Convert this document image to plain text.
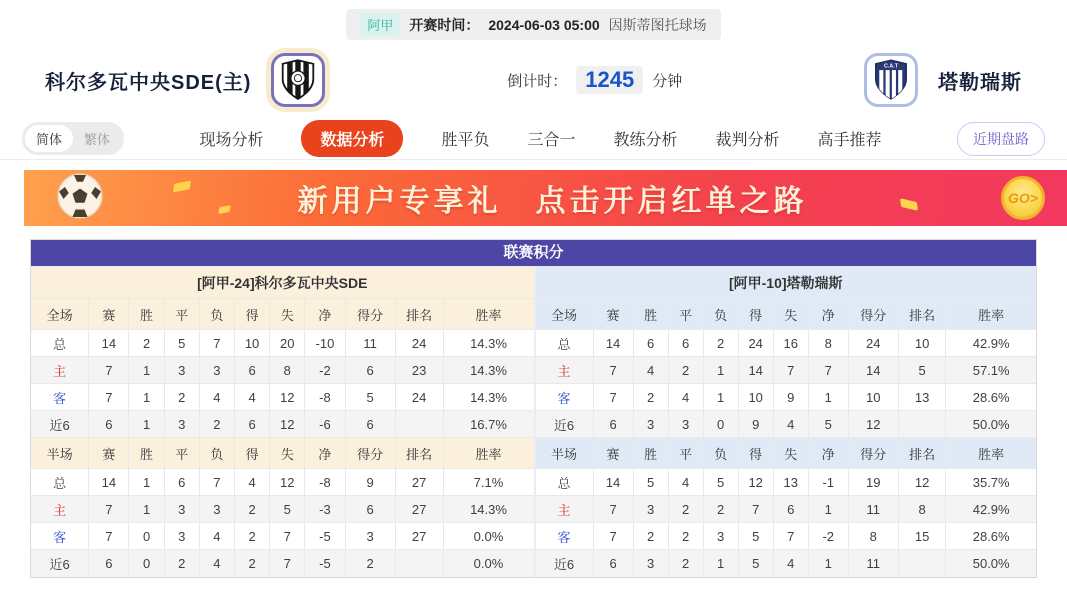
阿甲	开赛时间： 2024-06-03 05:00 因斯蒂图托球场
科尔多瓦中央SDE(主)	倒计时： 1245	分钟
C.A.T
塔勒瑞斯
简体	繁体	现场分析	数据分析	胜平负 三合一 教练分析 裁判分析 高手推荐	近期盘路
新用户专享礼 点击开启红单之路	GO>
联赛积分
[阿甲-24]科尔多瓦中央SDE
全场	赛	胜	平	负	得	失	净	得分	排名	胜率
总	14	2	5	7	10	20	-10	11	24	14.3%
主	7	1	3	3	6	8	-2	6	23	14.3%
客	7	1	2	4	4	12	-8	5	24	14.3%
近6	6	1	3	2	6	12	-6	6		16.7%
半场	赛	胜	平	负	得	失	净	得分	排名	胜率
总	14	1	6	7	4	12	-8	9	27	7.1%
主	7	1	3	3	2	5	-3	6	27	14.3%
客	7	0	3	4	2	7	-5	3	27	0.0%
近6	6	0	2	4	2	7	-5	2		0.0%
[阿甲-10]塔勒瑞斯
全场	赛	胜	平	负	得	失	净	得分	排名	胜率
总	14	6	6	2	24	16	8	24	10	42.9%
主	7	4	2	1	14	7	7	14	5	57.1%
客	7	2	4	1	10	9	1	10	13	28.6%
近6	6	3	3	0	9	4	5	12		50.0%
半场	赛	胜	平	负	得	失	净	得分	排名	胜率
总	14	5	4	5	12	13	-1	19	12	35.7%
主	7	3	2	2	7	6	1	11	8	42.9%
客	7	2	2	3	5	7	-2	8	15	28.6%
近6	6	3	2	1	5	4	1	11		50.0%
